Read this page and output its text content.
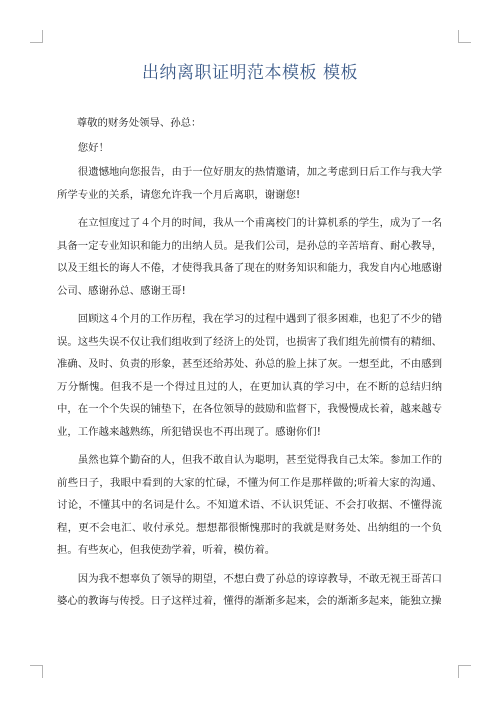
出纳离职证明范本模板 模板

尊敬的财务处领导、孙总：

您好！

很遗憾地向您报告，由于一位好朋友的热情邀请，加之考虑到日后工作与我大学所学专业的关系，请您允许我一个月后离职，谢谢您!

在立恒度过了４个月的时间，我从一个甫离校门的计算机系的学生，成为了一名具备一定专业知识和能力的出纳人员。是我们公司，是孙总的辛苦培育、耐心教导，以及王组长的诲人不倦，才使得我具备了现在的财务知识和能力，我发自内心地感谢公司、感谢孙总、感谢王哥!

回顾这４个月的工作历程，我在学习的过程中遇到了很多困难，也犯了不少的错误。这些失误不仅让我们组收到了经济上的处罚，也损害了我们组先前惯有的精细、准确、及时、负责的形象，甚至还给苏处、孙总的脸上抹了灰。一想至此，不由感到万分惭愧。但我不是一个得过且过的人，在更加认真的学习中，在不断的总结归纳中，在一个个失误的铺垫下，在各位领导的鼓励和监督下，我慢慢成长着，越来越专业，工作越来越熟练，所犯错误也不再出现了。感谢你们!

虽然也算个勤奋的人，但我不敢自认为聪明，甚至觉得我自己太笨。参加工作的前些日子，我眼中看到的大家的忙碌，不懂为何工作是那样做的;听着大家的沟通、讨论，不懂其中的名词是什么。不知道术语、不认识凭证、不会打收据、不懂得流程，更不会电汇、收付承兑。想想都很惭愧那时的我就是财务处、出纳组的一个负担。有些灰心，但我使劲学着，听着，模仿着。

因为我不想辜负了领导的期望，不想白费了孙总的谆谆教导，不敢无视王哥苦口婆心的教诲与传授。日子这样过着，懂得的渐渐多起来，会的渐渐多起来，能独立操
